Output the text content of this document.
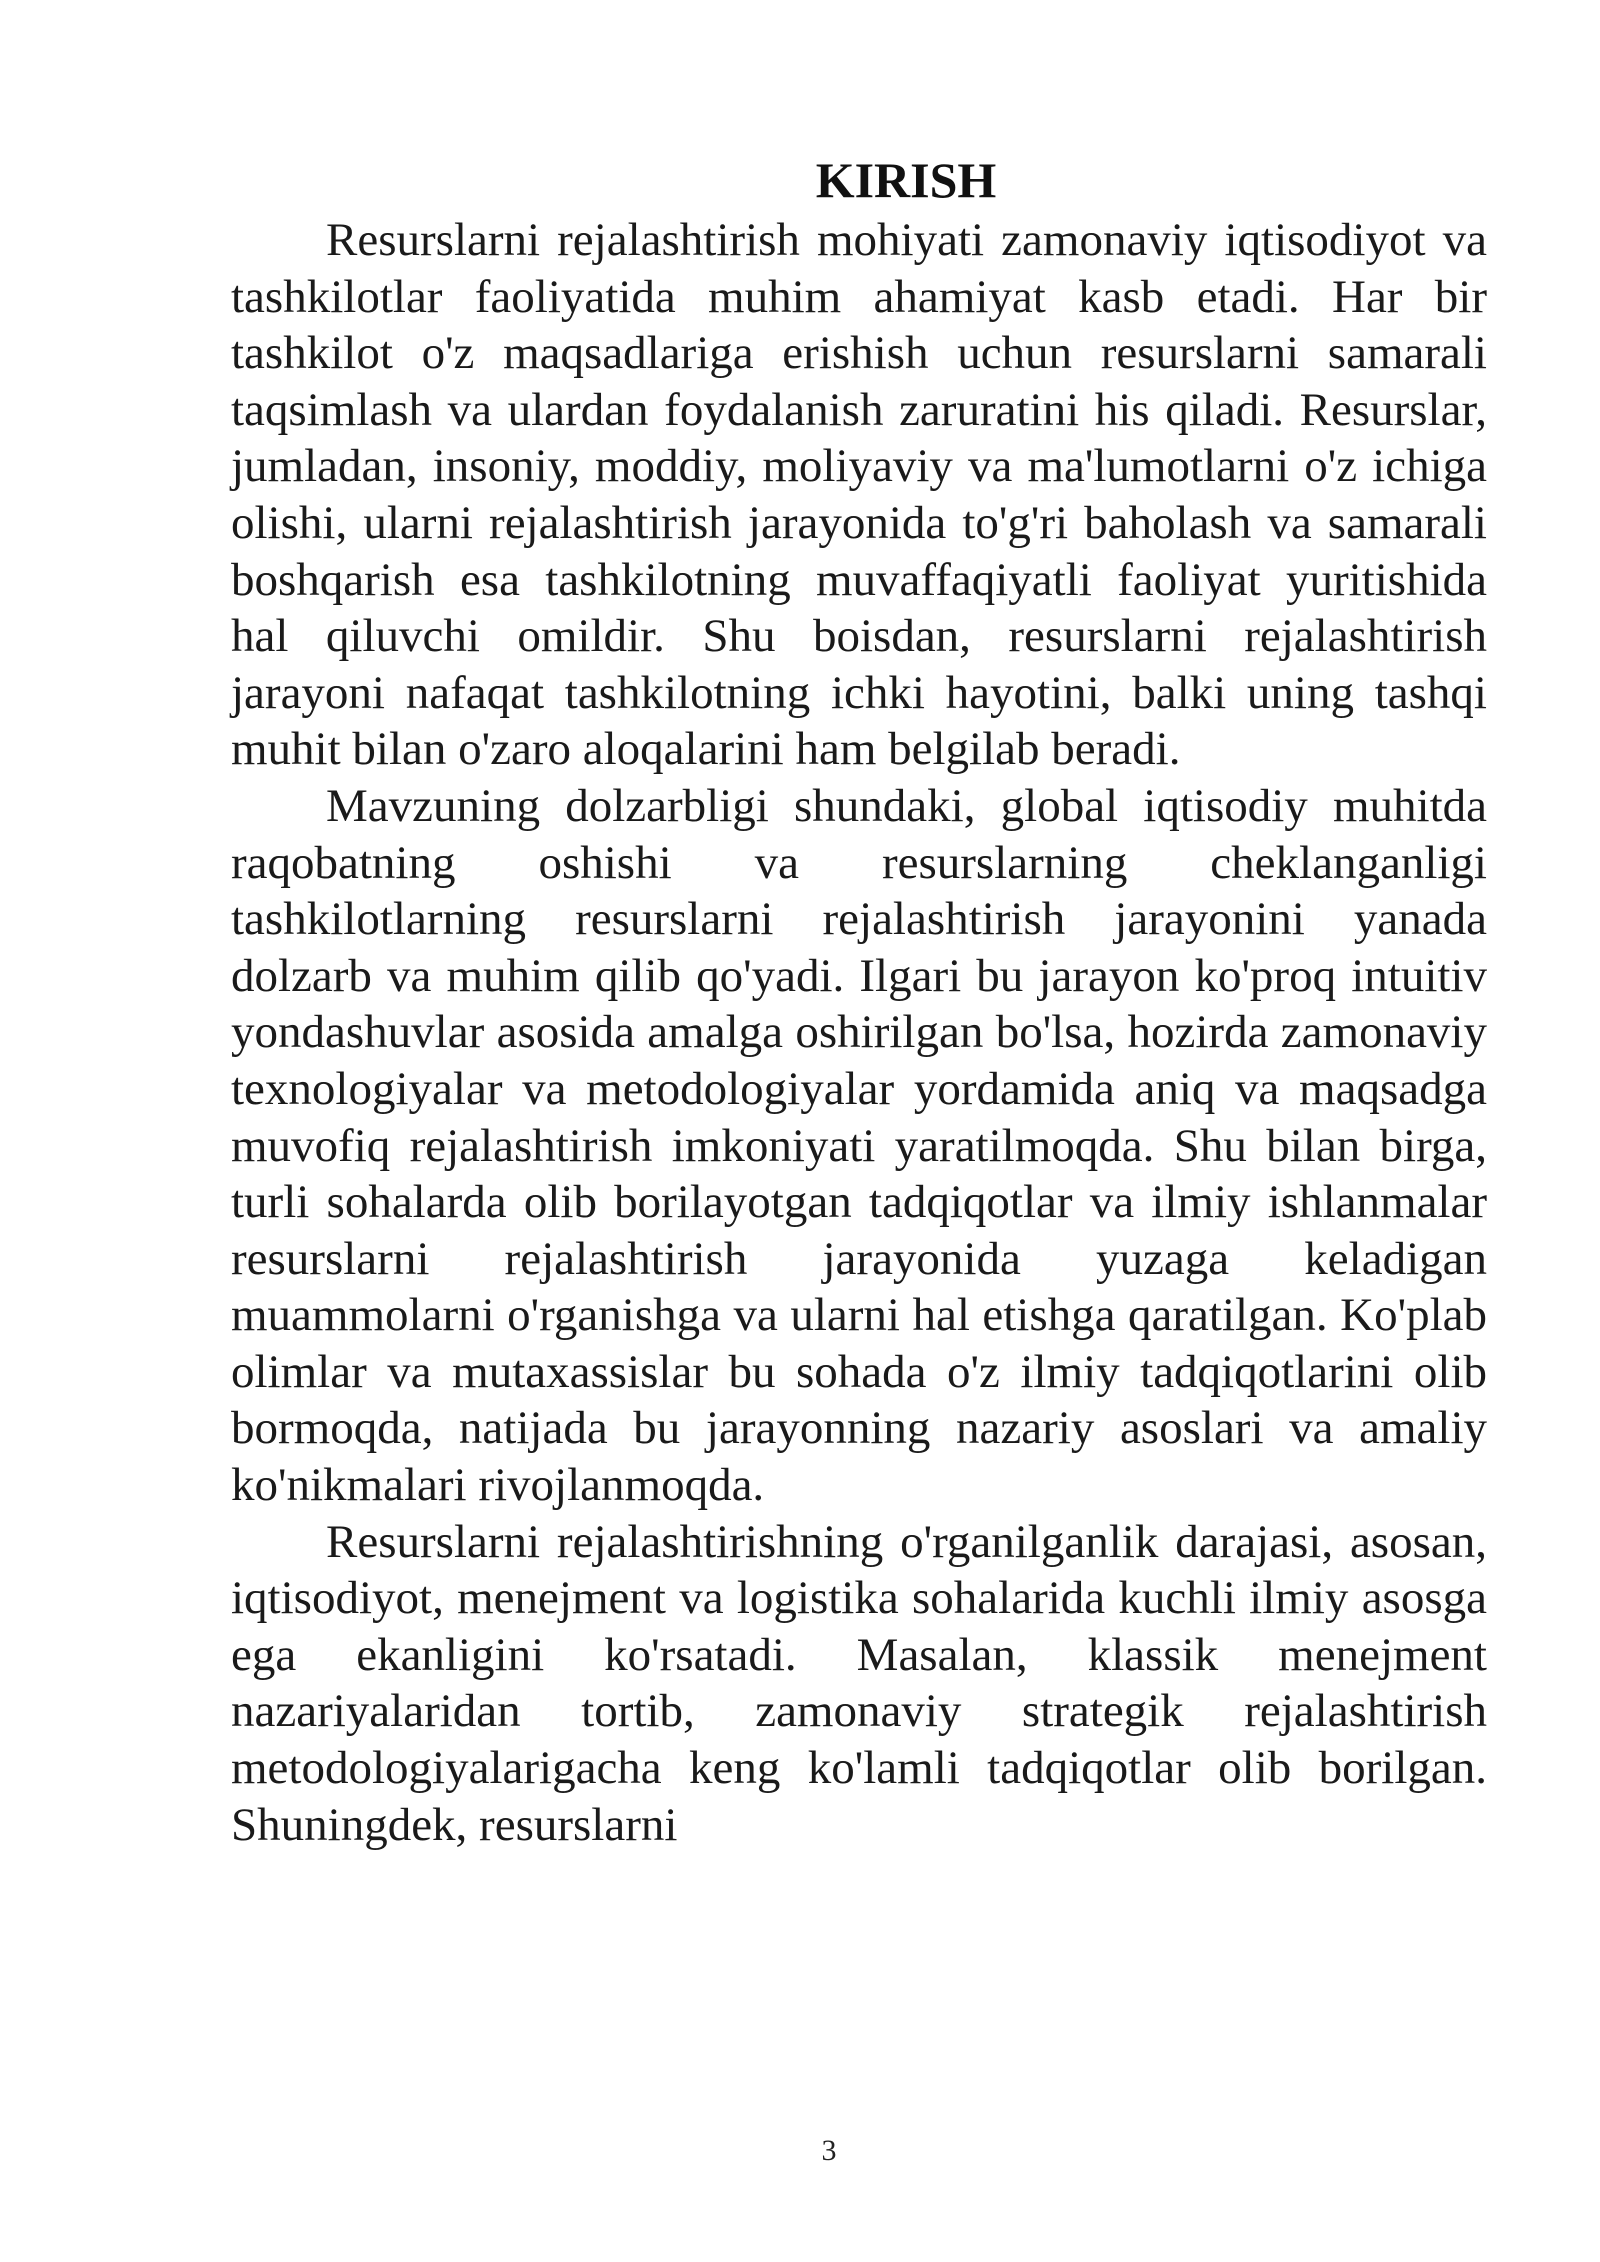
KIRISH

Resurslarni rejalashtirish mohiyati zamonaviy iqtisodiyot va tashkilotlar faoliyatida muhim ahamiyat kasb etadi. Har bir tashkilot o'z maqsadlariga erishish uchun resurslarni samarali taqsimlash va ulardan foydalanish zaruratini his qiladi. Resurslar, jumladan, insoniy, moddiy, moliyaviy va ma'lumotlarni o'z ichiga olishi, ularni rejalashtirish jarayonida to'g'ri baholash va samarali boshqarish esa tashkilotning muvaffaqiyatli faoliyat yuritishida hal qiluvchi omildir. Shu boisdan, resurslarni rejalashtirish jarayoni nafaqat tashkilotning ichki hayotini, balki uning tashqi muhit bilan o'zaro aloqalarini ham belgilab beradi.

Mavzuning dolzarbligi shundaki, global iqtisodiy muhitda raqobatning oshishi va resurslarning cheklanganligi tashkilotlarning resurslarni rejalashtirish jarayonini yanada dolzarb va muhim qilib qo'yadi. Ilgari bu jarayon ko'proq intuitiv yondashuvlar asosida amalga oshirilgan bo'lsa, hozirda zamonaviy texnologiyalar va metodologiyalar yordamida aniq va maqsadga muvofiq rejalashtirish imkoniyati yaratilmoqda. Shu bilan birga, turli sohalarda olib borilayotgan tadqiqotlar va ilmiy ishlanmalar resurslarni rejalashtirish jarayonida yuzaga keladigan muammolarni o'rganishga va ularni hal etishga qaratilgan. Ko'plab olimlar va mutaxassislar bu sohada o'z ilmiy tadqiqotlarini olib bormoqda, natijada bu jarayonning nazariy asoslari va amaliy ko'nikmalari rivojlanmoqda.

Resurslarni rejalashtirishning o'rganilganlik darajasi, asosan, iqtisodiyot, menejment va logistika sohalarida kuchli ilmiy asosga ega ekanligini ko'rsatadi. Masalan, klassik menejment nazariyalaridan tortib, zamonaviy strategik rejalashtirish metodologiyalarigacha keng ko'lamli tadqiqotlar olib borilgan. Shuningdek, resurslarni

3
